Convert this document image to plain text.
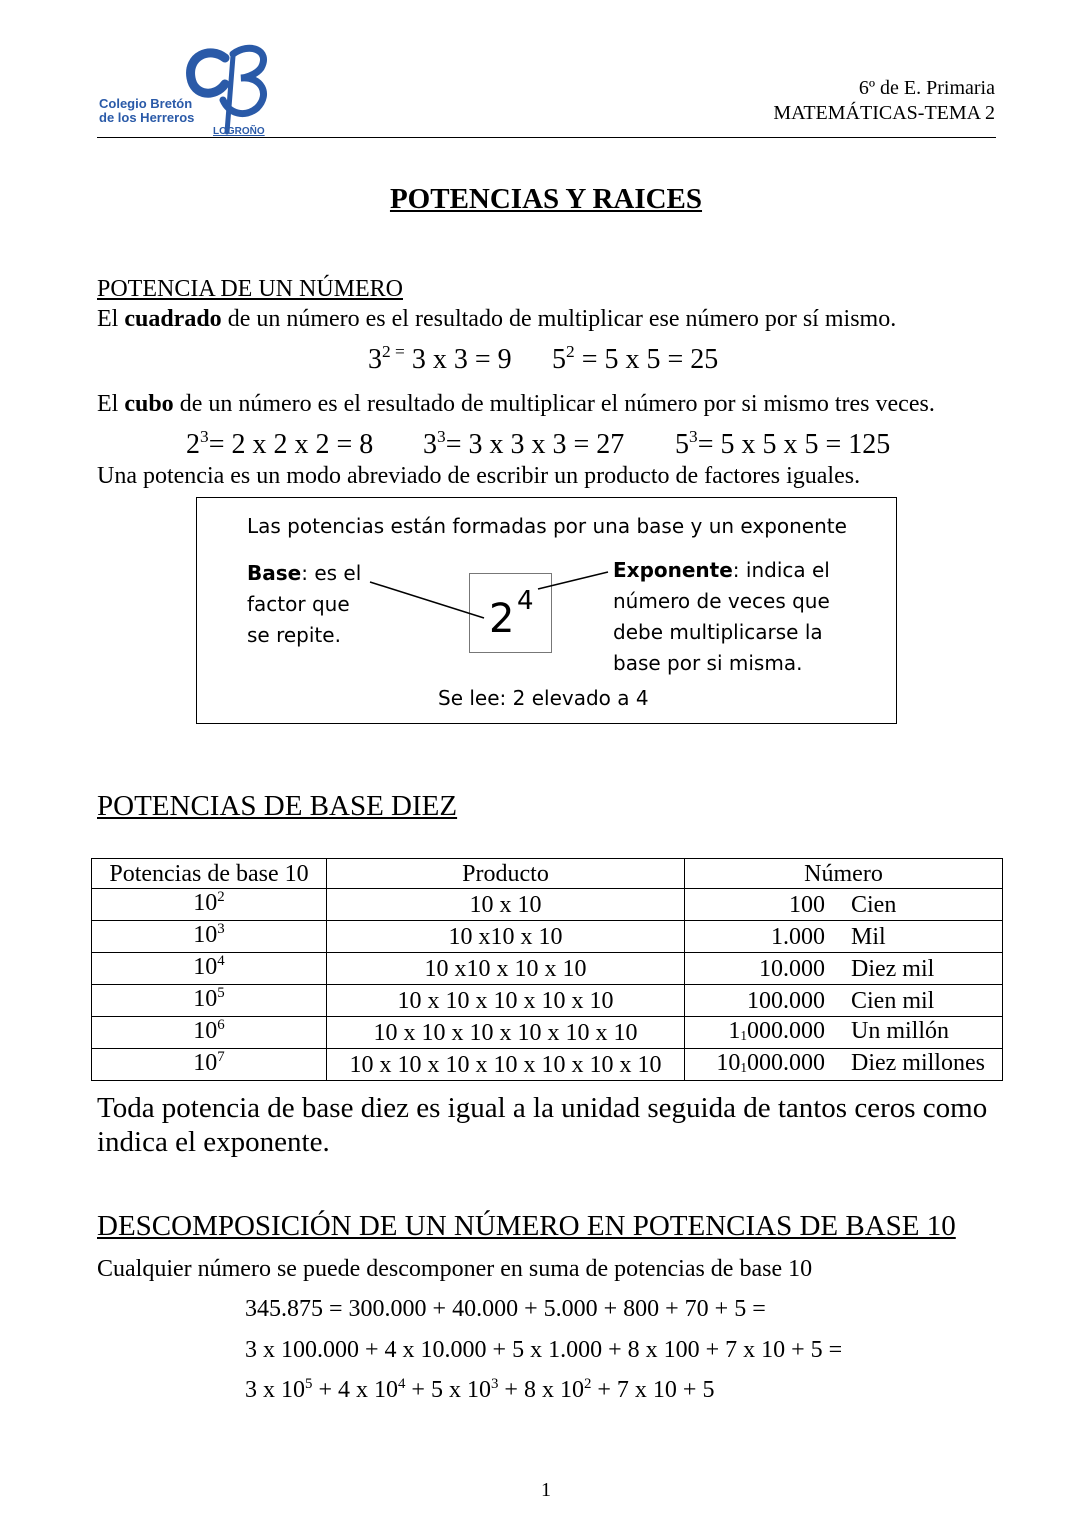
Colegio Bretón
de los Herreros
LOGROÑO
6º de E. Primaria
MATEMÁTICAS-TEMA 2
POTENCIAS Y RAICES
POTENCIA DE UN NÚMERO
El cuadrado de un número es el resultado de multiplicar ese número por sí mismo.
$3^{2 =}$ 3 x 3 = 9 $5^2 = 5$ x 5 = 25
El cubo de un número es el resultado de multiplicar el número por si mismo tres veces.
$2^3= 2$ x 2 x 2 = 8 $3^3= 3$ x 3 x 3 = 27 $5^3= 5$ x 5 x 5 = 125
Una potencia es un modo abreviado de escribir un producto de factores iguales.
Las potencias están formadas por una base y un exponente
Base: es el
factor que
se repite.
Exponente: indica el
número de veces que
debe multiplicarse la
base por si misma.
2 4
Se lee: 2 elevado a 4
POTENCIAS DE BASE DIEZ
Potencias de base 10	Producto	Número
$10^2$	10 x 10	100 Cien

$10^3$	10 x10 x 10	1.000 Mil

$10^4$	10 x10 x 10 x 10	10.000 Diez mil

$10^5$	10 x 10 x 10 x 10 x 10	100.000 Cien mil

$10^6$	10 x 10 x 10 x 10 x 10 x 10	11000.000 Un millón

$10^7$	10 x 10 x 10 x 10 x 10 x 10 x 10	101000.000 Diez millones
Toda potencia de base diez es igual a la unidad seguida de tantos ceros como indica el exponente.
DESCOMPOSICIÓN DE UN NÚMERO EN POTENCIAS DE BASE 10
Cualquier número se puede descomponer en suma de potencias de base 10
345.875 = 300.000 + 40.000 + 5.000 + 800 + 70 + 5 =
3 x 100.000 + 4 x 10.000 + 5 x 1.000 + 8 x 100 + 7 x 10 + 5 =
3 x $10^5 + 4$ x $10^4 + 5$ x $10^3 + 8$ x $10^2 + 7$ x 10 + 5
1
